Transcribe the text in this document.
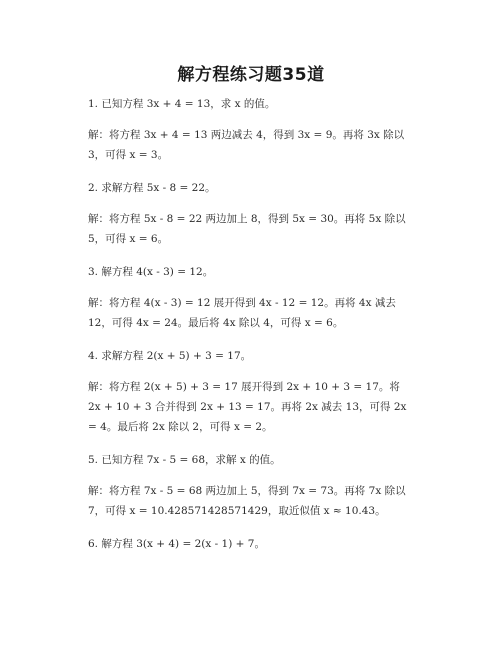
解方程练习题35道
1. 已知方程 3x + 4 = 13，求 x 的值。
解：将方程 3x + 4 = 13 两边减去 4，得到 3x = 9。再将 3x 除以 3，可得 x = 3。
2. 求解方程 5x - 8 = 22。
解：将方程 5x - 8 = 22 两边加上 8，得到 5x = 30。再将 5x 除以 5，可得 x = 6。
3. 解方程 4(x - 3) = 12。
解：将方程 4(x - 3) = 12 展开得到 4x - 12 = 12。再将 4x 减去 12，可得 4x = 24。最后将 4x 除以 4，可得 x = 6。
4. 求解方程 2(x + 5) + 3 = 17。
解：将方程 2(x + 5) + 3 = 17 展开得到 2x + 10 + 3 = 17。将 2x + 10 + 3 合并得到 2x + 13 = 17。再将 2x 减去 13，可得 2x = 4。最后将 2x 除以 2，可得 x = 2。
5. 已知方程 7x - 5 = 68，求解 x 的值。
解：将方程 7x - 5 = 68 两边加上 5，得到 7x = 73。再将 7x 除以 7，可得 x = 10.428571428571429，取近似值 x ≈ 10.43。
6. 解方程 3(x + 4) = 2(x - 1) + 7。
